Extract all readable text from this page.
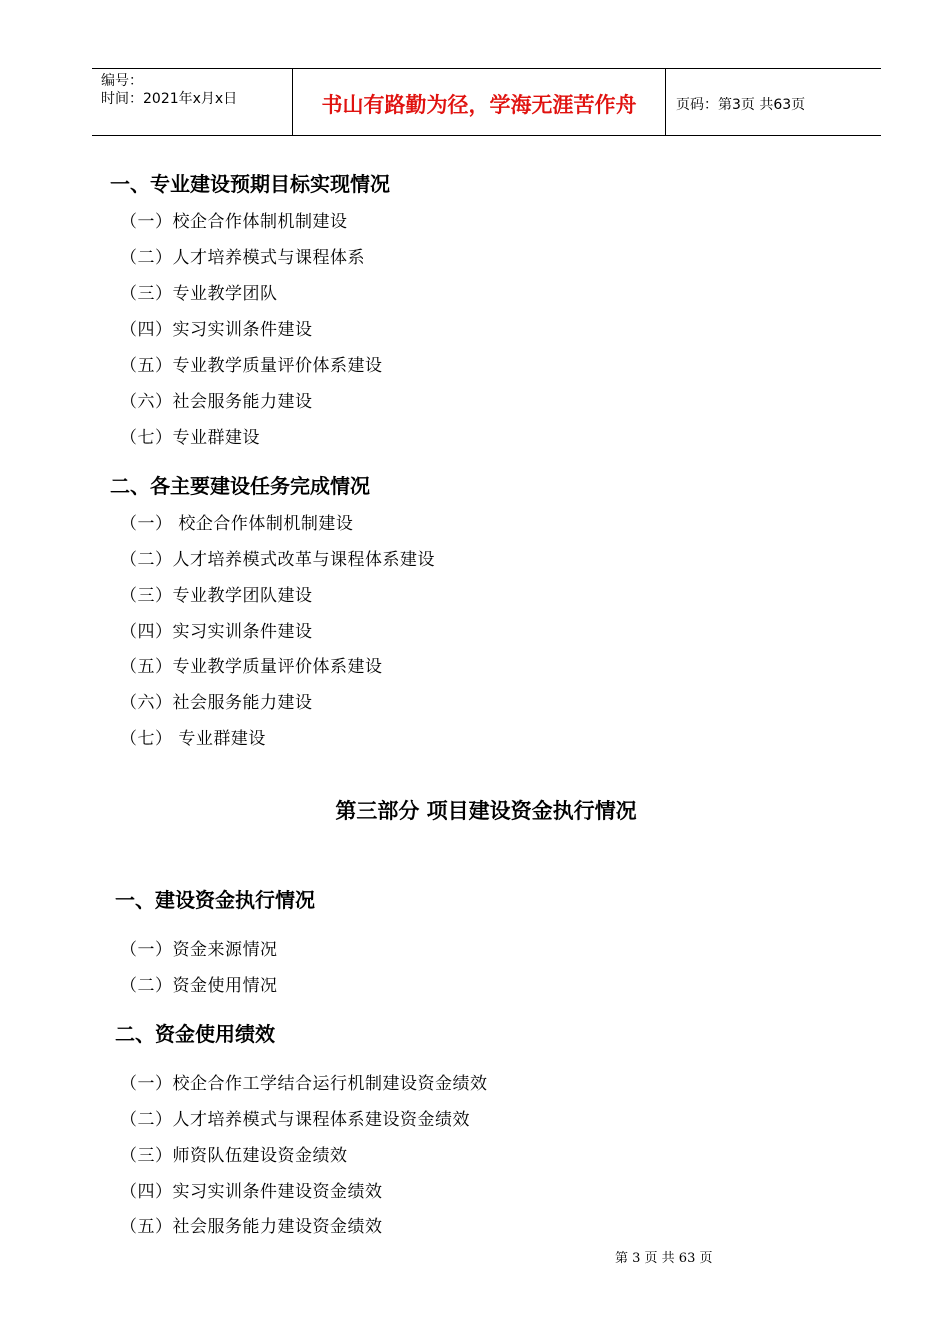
编号：
时间：2021年x月x日	书山有路勤为径，学海无涯苦作舟	页码：第3页 共63页
一、专业建设预期目标实现情况
（一）校企合作体制机制建设
（二）人才培养模式与课程体系
（三）专业教学团队
（四）实习实训条件建设
（五）专业教学质量评价体系建设
（六）社会服务能力建设
（七）专业群建设
二、各主要建设任务完成情况
（一） 校企合作体制机制建设
（二）人才培养模式改革与课程体系建设
（三）专业教学团队建设
（四）实习实训条件建设
（五）专业教学质量评价体系建设
（六）社会服务能力建设
（七） 专业群建设
第三部分 项目建设资金执行情况
一、建设资金执行情况
（一）资金来源情况
（二）资金使用情况
二、资金使用绩效
（一）校企合作工学结合运行机制建设资金绩效
（二）人才培养模式与课程体系建设资金绩效
（三）师资队伍建设资金绩效
（四）实习实训条件建设资金绩效
（五）社会服务能力建设资金绩效
第 3 页 共 63 页
